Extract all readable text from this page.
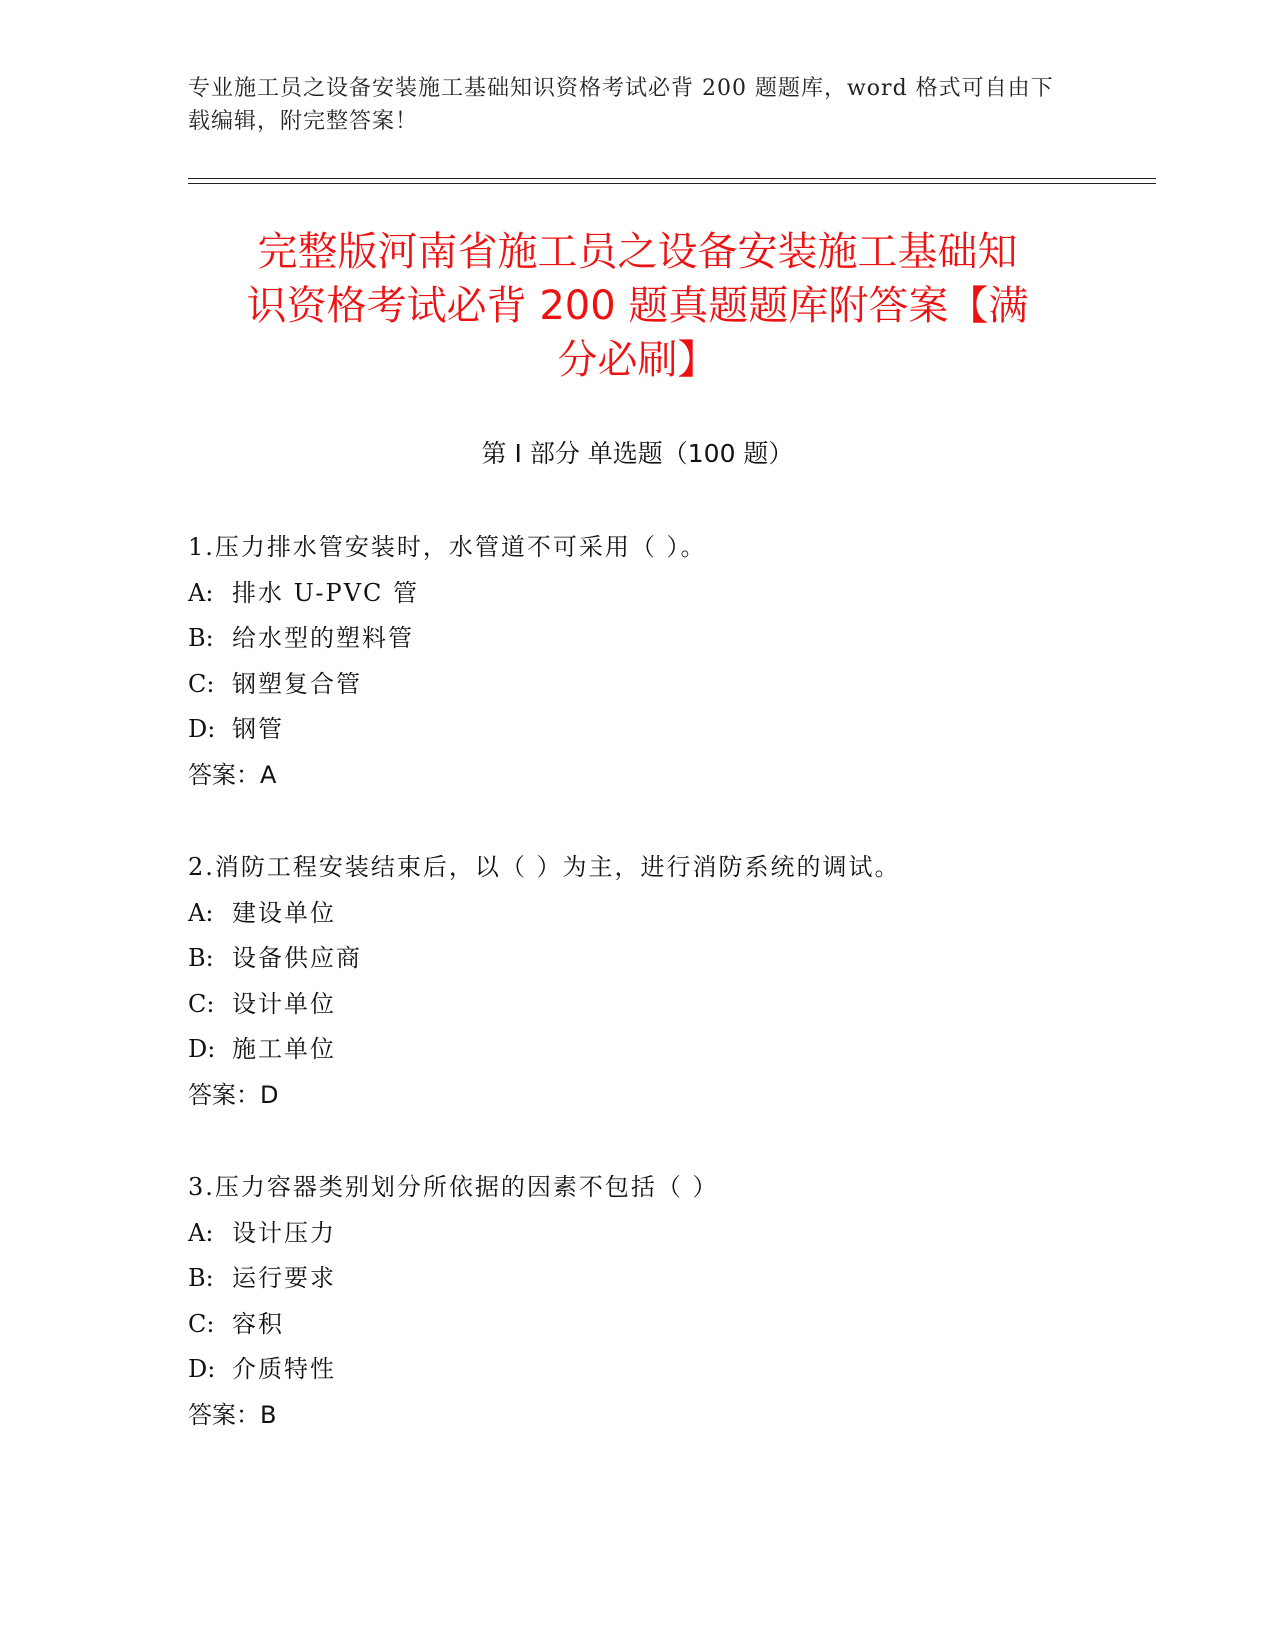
专业施工员之设备安装施工基础知识资格考试必背 200 题题库，word 格式可自由下载编辑，附完整答案！
完整版河南省施工员之设备安装施工基础知
识资格考试必背 200 题真题题库附答案【满
分必刷】
第 I 部分 单选题（100 题）
1.压力排水管安装时，水管道不可采用（ ）。
A: 排水 U-PVC 管
B: 给水型的塑料管
C: 钢塑复合管
D: 钢管
答案：A
2.消防工程安装结束后，以（ ）为主，进行消防系统的调试。
A: 建设单位
B: 设备供应商
C: 设计单位
D: 施工单位
答案：D
3.压力容器类别划分所依据的因素不包括（ ）
A: 设计压力
B: 运行要求
C: 容积
D: 介质特性
答案：B
